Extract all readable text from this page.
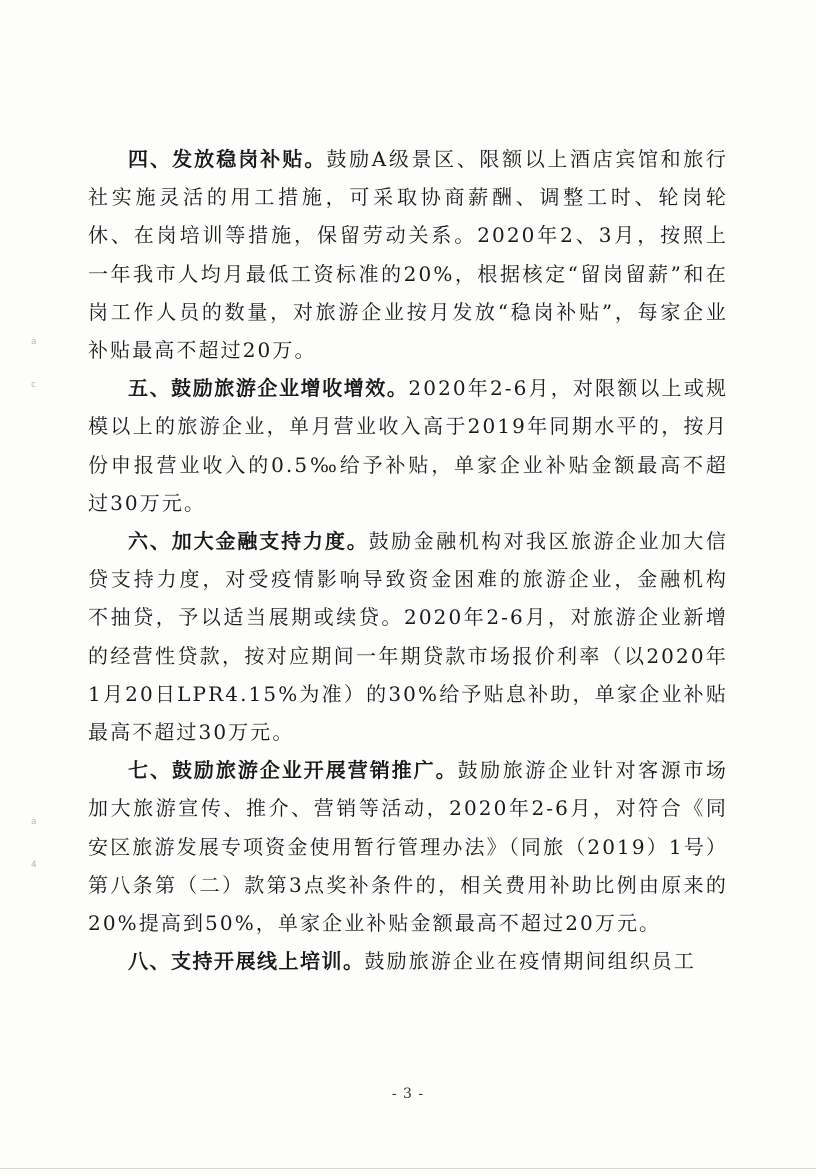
a
c
a
4

四、发放稳岗补贴。鼓励A级景区、限额以上酒店宾馆和旅行社实施灵活的用工措施，可采取协商薪酬、调整工时、轮岗轮休、在岗培训等措施，保留劳动关系。2020年2、3月，按照上一年我市人均月最低工资标准的20%，根据核定“留岗留薪”和在岗工作人员的数量，对旅游企业按月发放“稳岗补贴”，每家企业补贴最高不超过20万。

五、鼓励旅游企业增收增效。2020年2-6月，对限额以上或规模以上的旅游企业，单月营业收入高于2019年同期水平的，按月份申报营业收入的0.5‰给予补贴，单家企业补贴金额最高不超过30万元。

六、加大金融支持力度。鼓励金融机构对我区旅游企业加大信贷支持力度，对受疫情影响导致资金困难的旅游企业，金融机构不抽贷，予以适当展期或续贷。2020年2-6月，对旅游企业新增的经营性贷款，按对应期间一年期贷款市场报价利率（以2020年1月20日LPR4.15%为准）的30%给予贴息补助，单家企业补贴最高不超过30万元。

七、鼓励旅游企业开展营销推广。鼓励旅游企业针对客源市场加大旅游宣传、推介、营销等活动，2020年2-6月，对符合《同安区旅游发展专项资金使用暂行管理办法》（同旅（2019）1号）第八条第（二）款第3点奖补条件的，相关费用补助比例由原来的20%提高到50%，单家企业补贴金额最高不超过20万元。

八、支持开展线上培训。鼓励旅游企业在疫情期间组织员工

- 3 -
